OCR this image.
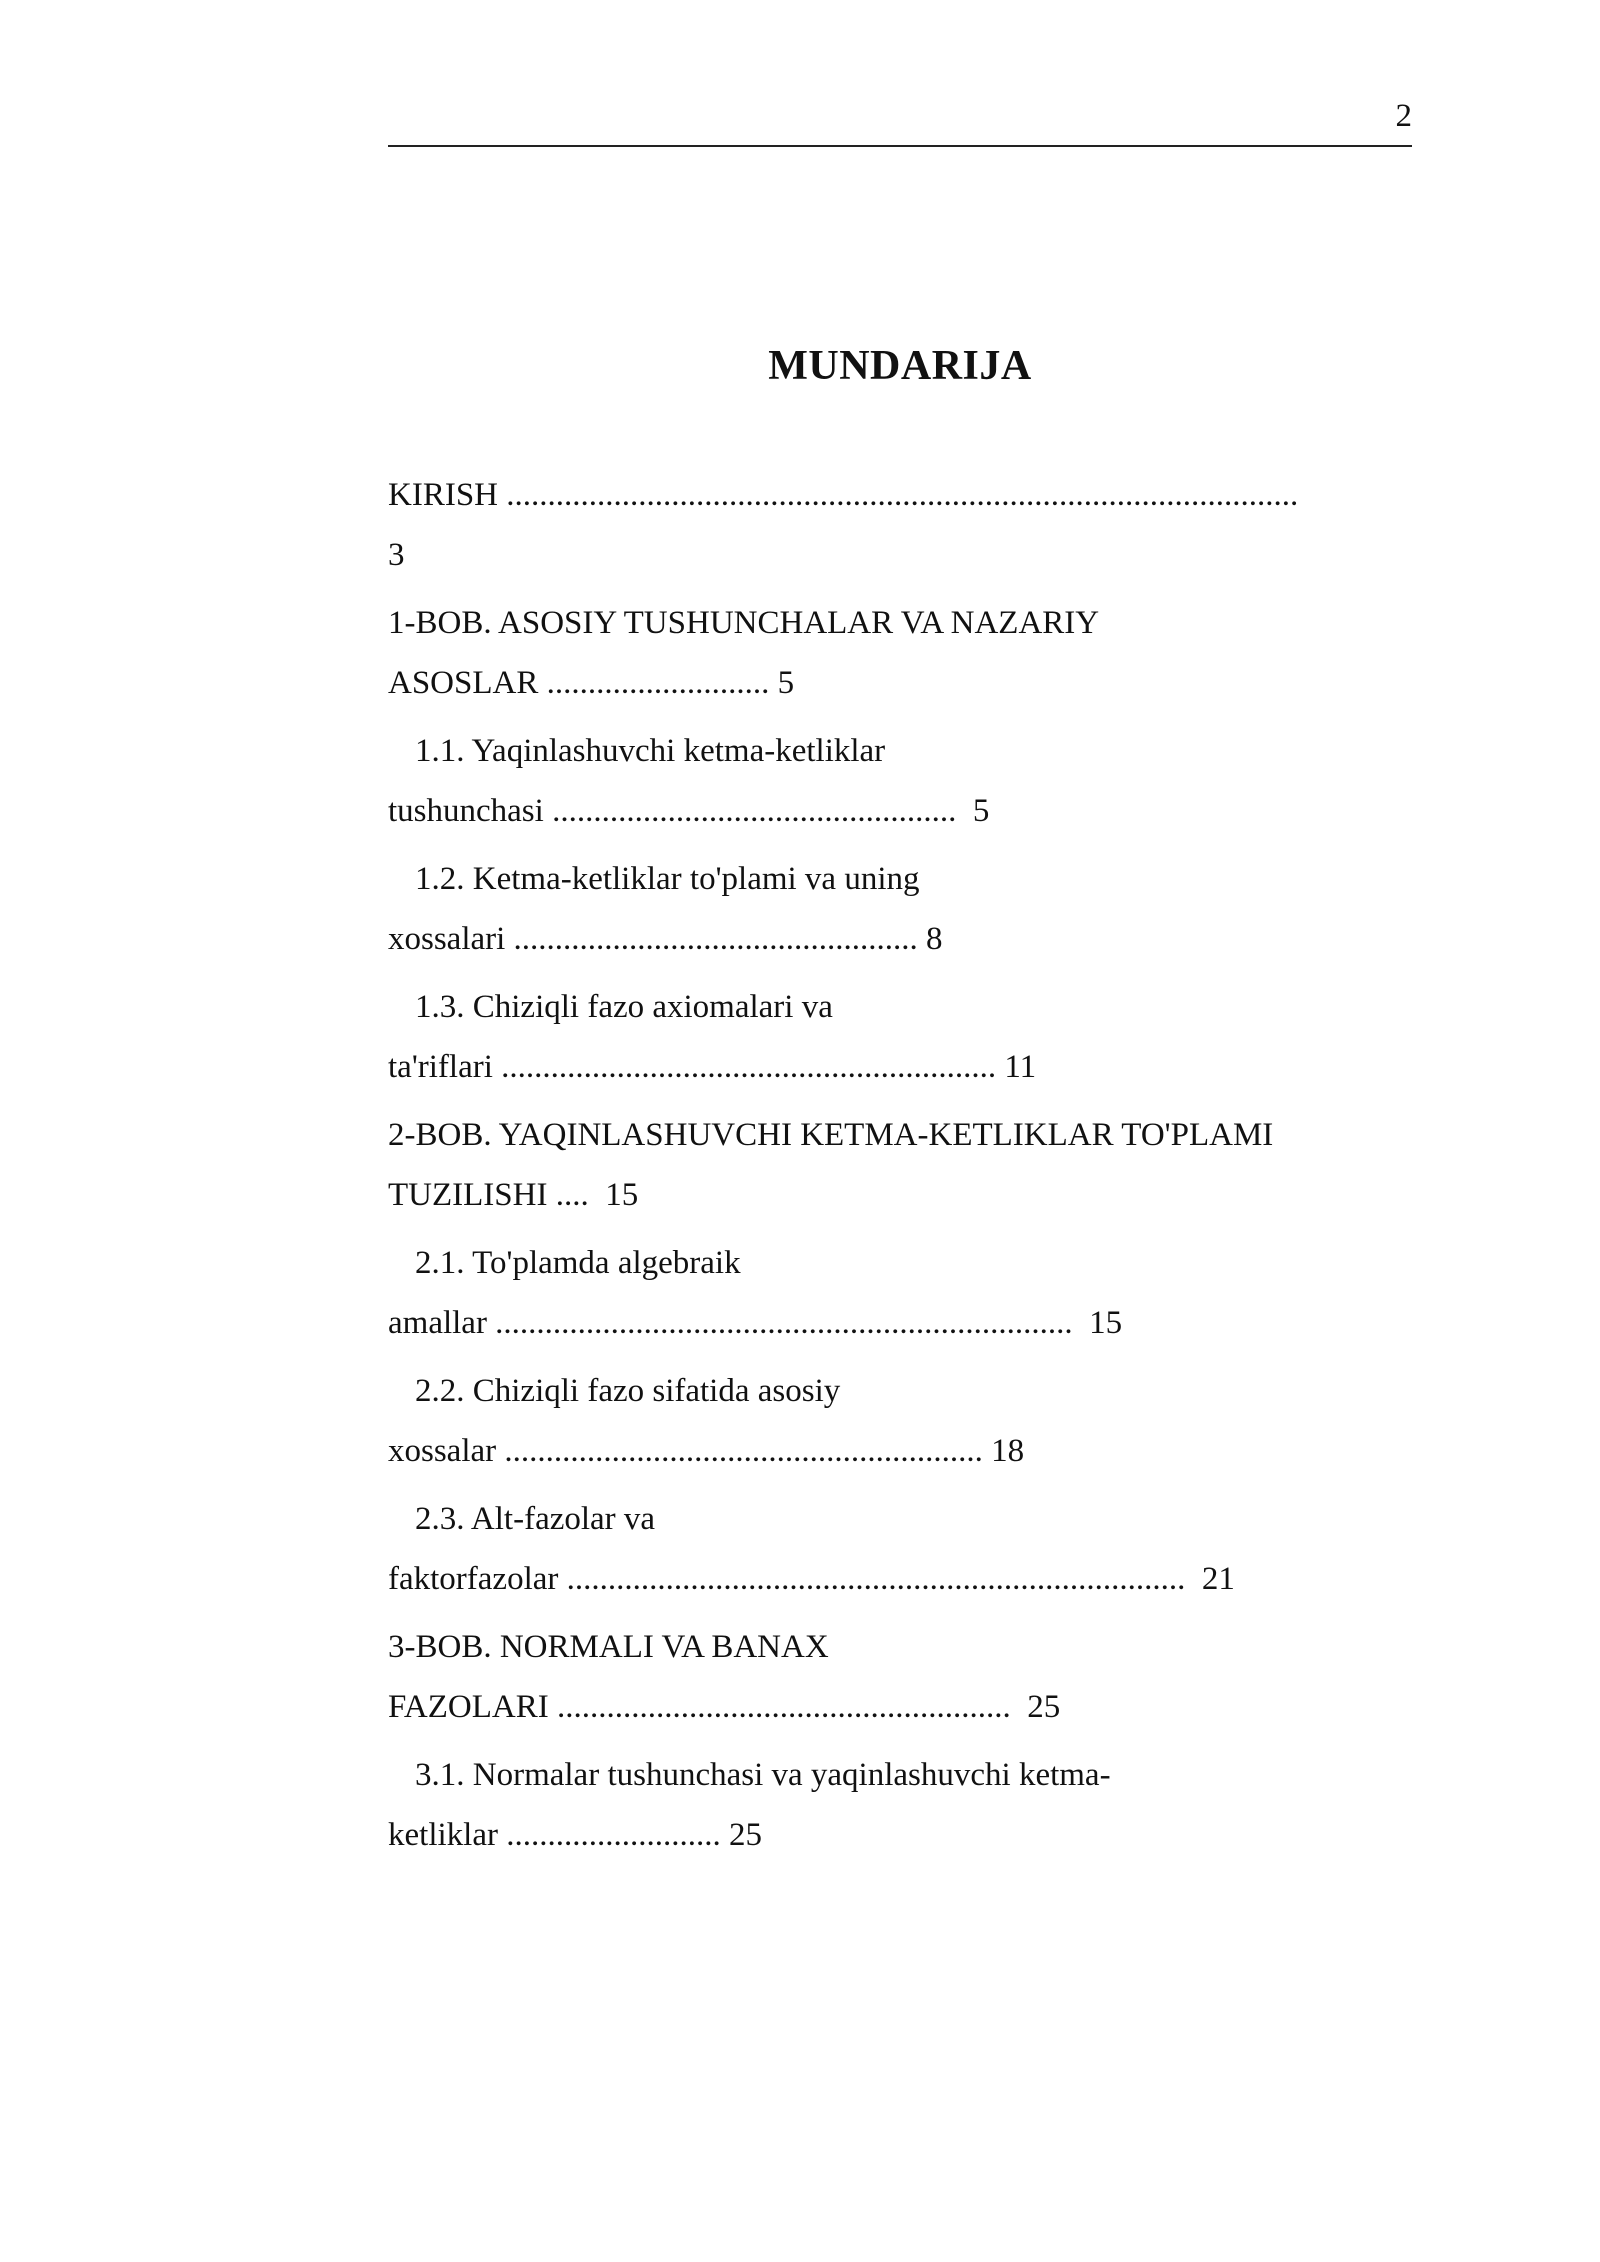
2
MUNDARIJA
KIRISH ................................................................................................
3
1-BOB. ASOSIY TUSHUNCHALAR VA NAZARIY
ASOSLAR ........................... 5
1.1. Yaqinlashuvchi ketma-ketliklar
tushunchasi .................................................  5
1.2. Ketma-ketliklar to'plami va uning
xossalari ................................................. 8
1.3. Chiziqli fazo axiomalari va
ta'riflari ............................................................ 11
2-BOB. YAQINLASHUVCHI KETMA-KETLIKLAR TO'PLAMI
TUZILISHI ....  15
2.1. To'plamda algebraik
amallar ......................................................................  15
2.2. Chiziqli fazo sifatida asosiy
xossalar .......................................................... 18
2.3. Alt-fazolar va
faktorfazolar ...........................................................................  21
3-BOB. NORMALI VA BANAX
FAZOLARI .......................................................  25
3.1. Normalar tushunchasi va yaqinlashuvchi ketma-
ketliklar .......................... 25
